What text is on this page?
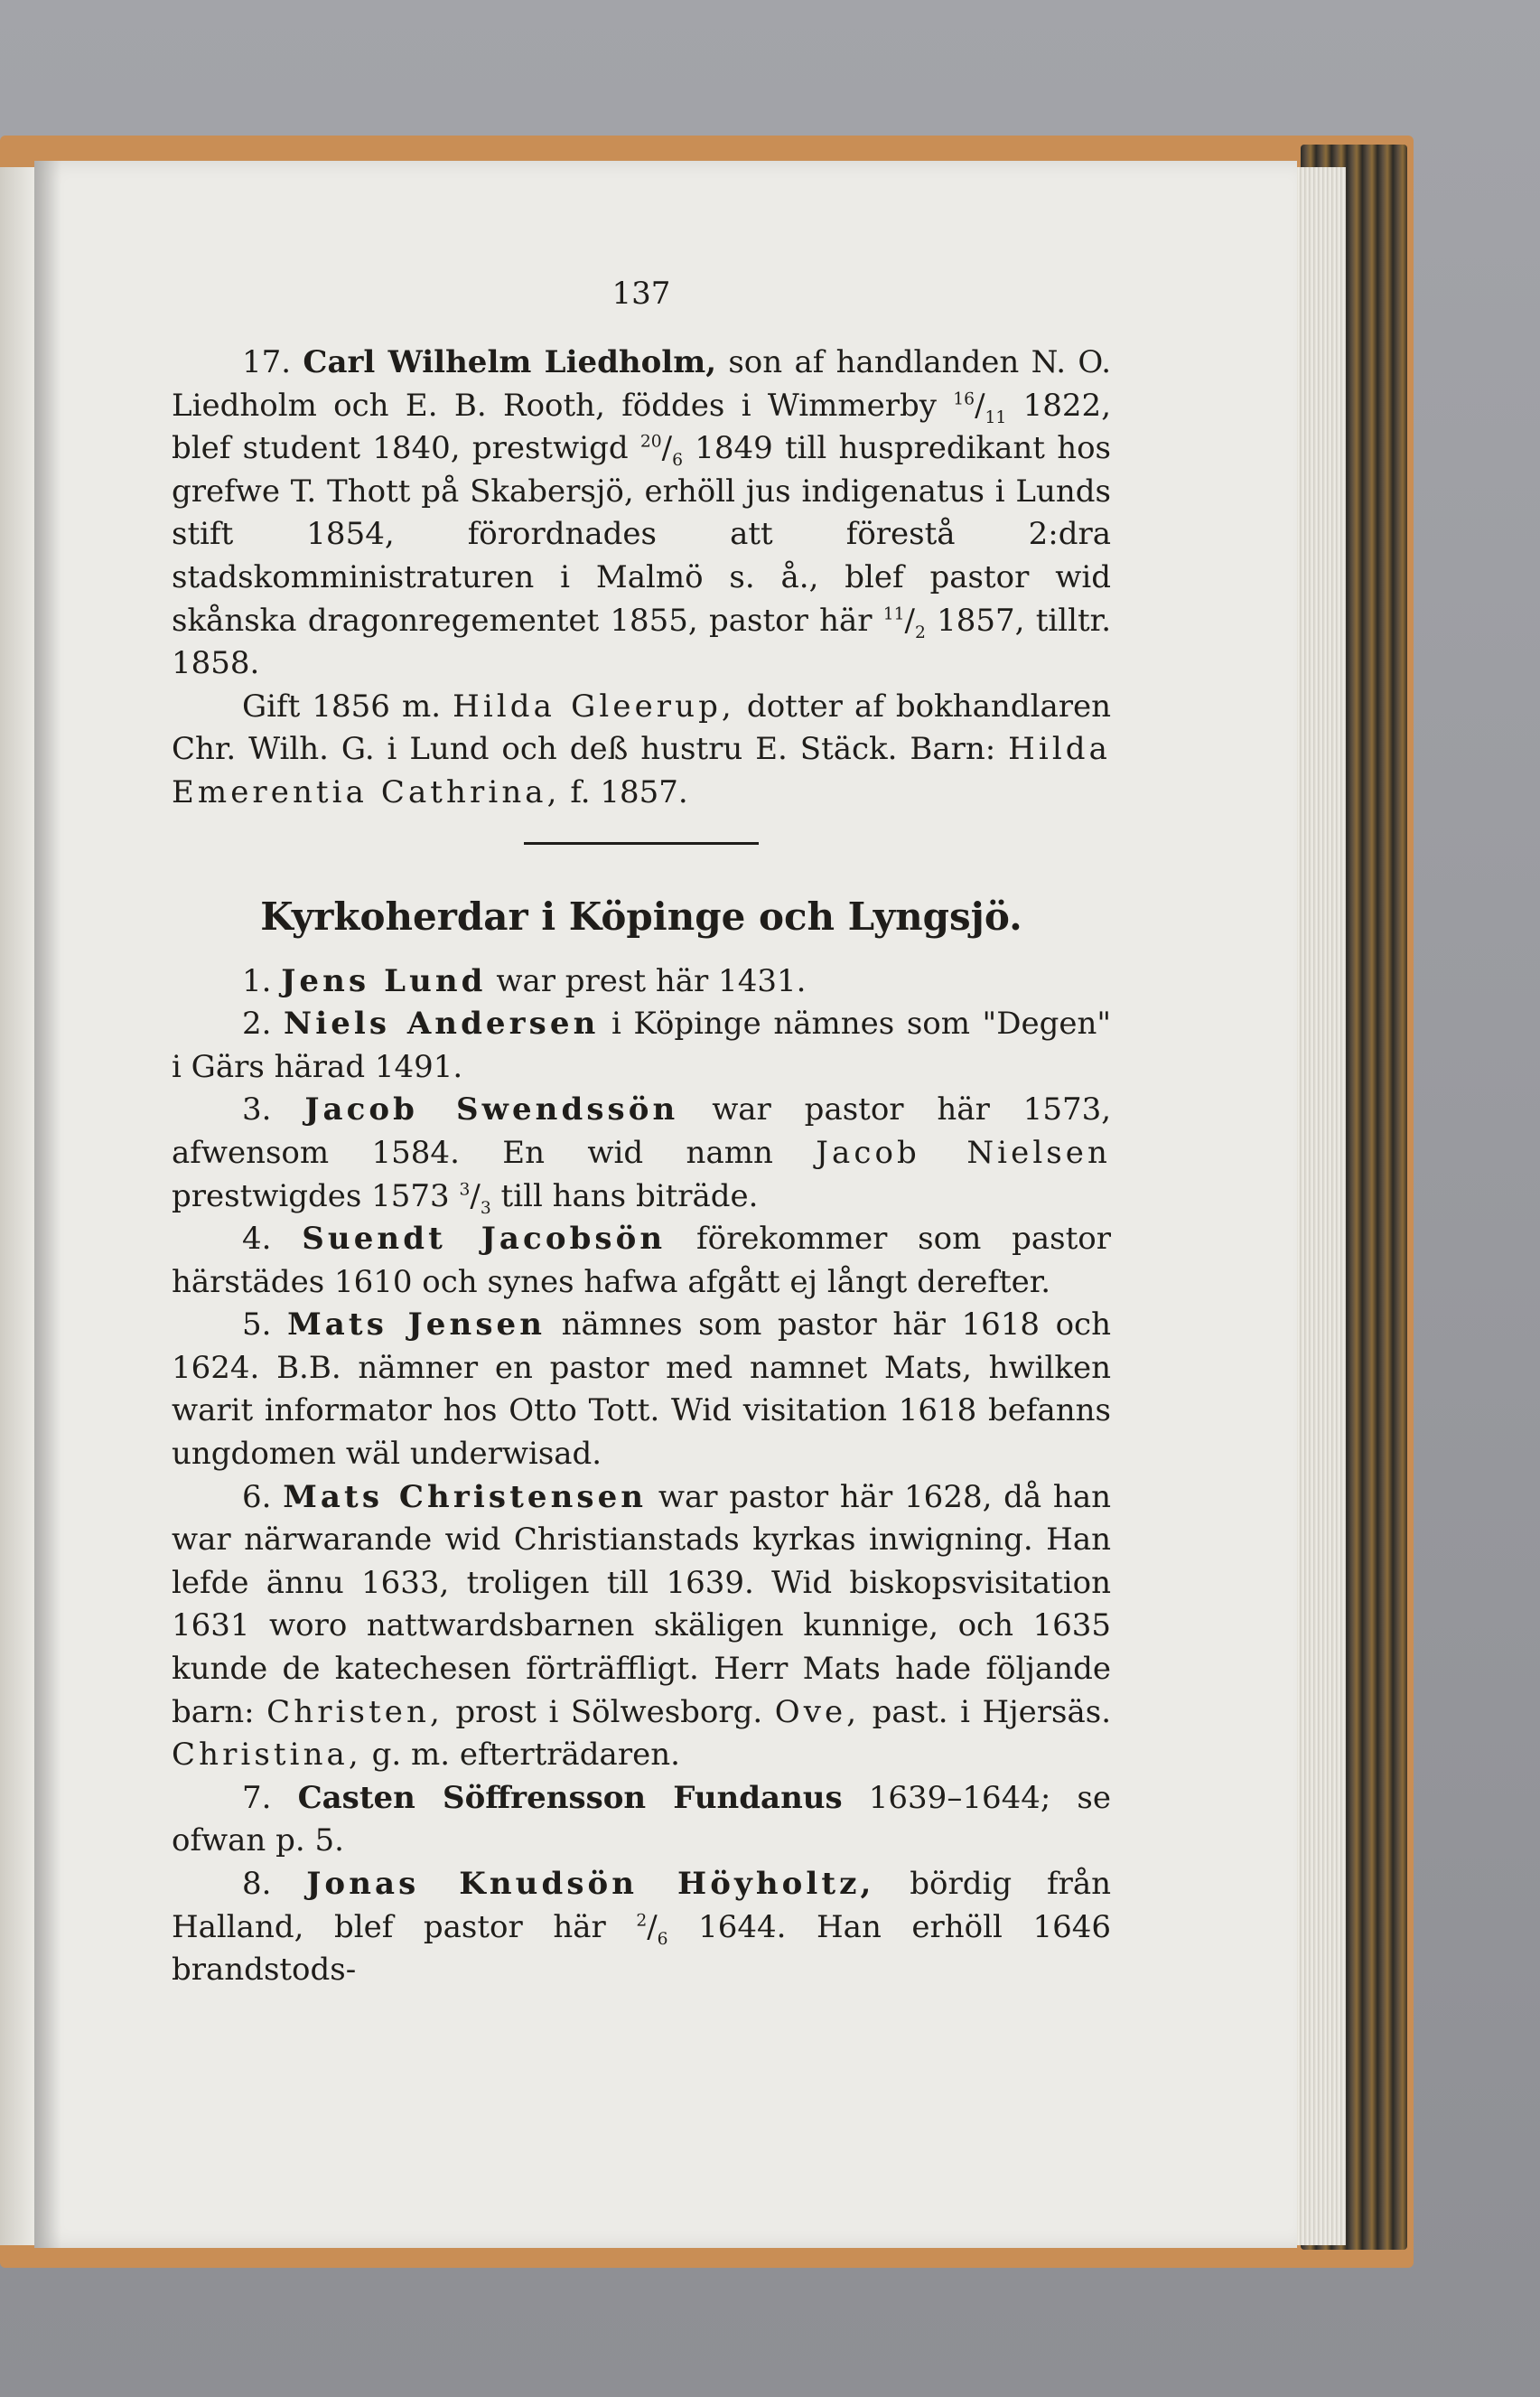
137
17. Carl Wilhelm Liedholm, son af handlanden N. O. Liedholm och E. B. Rooth, föddes i Wimmerby $^{16}/_{11}$ 1822, blef student 1840, prestwigd $^{20}/_6$ 1849 till huspredikant hos grefwe T. Thott på Skabersjö, erhöll jus indigenatus i Lunds stift 1854, förordnades att förestå 2:dra stadskomministraturen i Malmö s. å., blef pastor wid skånska dragonregementet 1855, pastor här $^{11}/_2$ 1857, tilltr. 1858.
Gift 1856 m. Hilda Gleerup, dotter af bokhandlaren Chr. Wilh. G. i Lund och deß hustru E. Stäck. Barn: Hilda Emerentia Cathrina, f. 1857.
Kyrkoherdar i Köpinge och Lyngsjö.
1. Jens Lund war prest här 1431.
2. Niels Andersen i Köpinge nämnes som "Degen" i Gärs härad 1491.
3. Jacob Swendssön war pastor här 1573, afwensom 1584. En wid namn Jacob Nielsen prestwigdes 1573 $^3/_3$ till hans biträde.
4. Suendt Jacobsön förekommer som pastor härstädes 1610 och synes hafwa afgått ej långt derefter.
5. Mats Jensen nämnes som pastor här 1618 och 1624. B.B. nämner en pastor med namnet Mats, hwilken warit informator hos Otto Tott. Wid visitation 1618 befanns ungdomen wäl underwisad.
6. Mats Christensen war pastor här 1628, då han war närwarande wid Christianstads kyrkas inwigning. Han lefde ännu 1633, troligen till 1639. Wid biskopsvisitation 1631 woro nattwardsbarnen skäligen kunnige, och 1635 kunde de katechesen förträffligt. Herr Mats hade följande barn: Christen, prost i Sölwesborg. Ove, past. i Hjersäs. Christina, g. m. efterträdaren.
7. Casten Söffrensson Fundanus 1639–1644; se ofwan p. 5.
8. Jonas Knudsön Höyholtz, bördig från Halland, blef pastor här $^2/_6$ 1644. Han erhöll 1646 brandstods-
